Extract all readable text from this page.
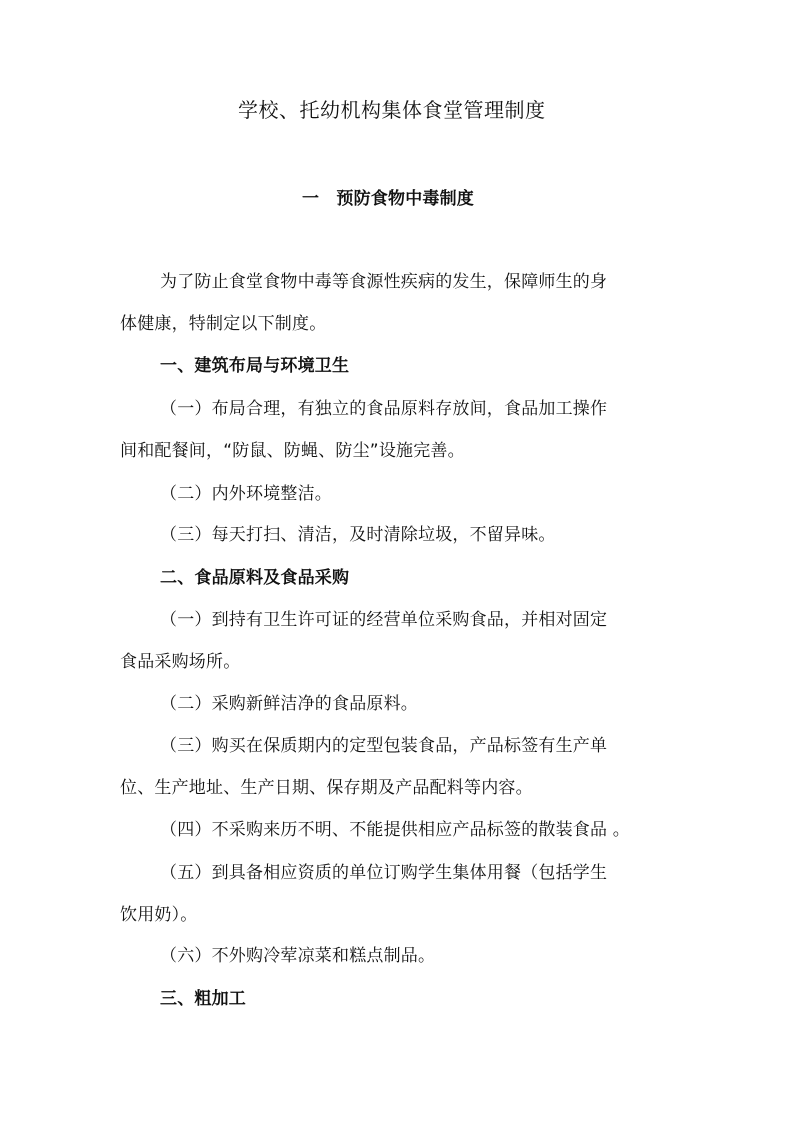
学校、托幼机构集体食堂管理制度
一　预防食物中毒制度
为了防止食堂食物中毒等食源性疾病的发生，保障师生的身
体健康，特制定以下制度。
一、建筑布局与环境卫生
（一）布局合理，有独立的食品原料存放间，食品加工操作
间和配餐间，“防鼠、防蝇、防尘”设施完善。
（二）内外环境整洁。
（三）每天打扫、清洁，及时清除垃圾，不留异味。
二、食品原料及食品采购
（一）到持有卫生许可证的经营单位采购食品，并相对固定
食品采购场所。
（二）采购新鲜洁净的食品原料。
（三）购买在保质期内的定型包装食品，产品标签有生产单
位、生产地址、生产日期、保存期及产品配料等内容。
（四）不采购来历不明、不能提供相应产品标签的散装食品 。
（五）到具备相应资质的单位订购学生集体用餐（包括学生
饮用奶）。
（六）不外购冷荤凉菜和糕点制品。
三、粗加工
